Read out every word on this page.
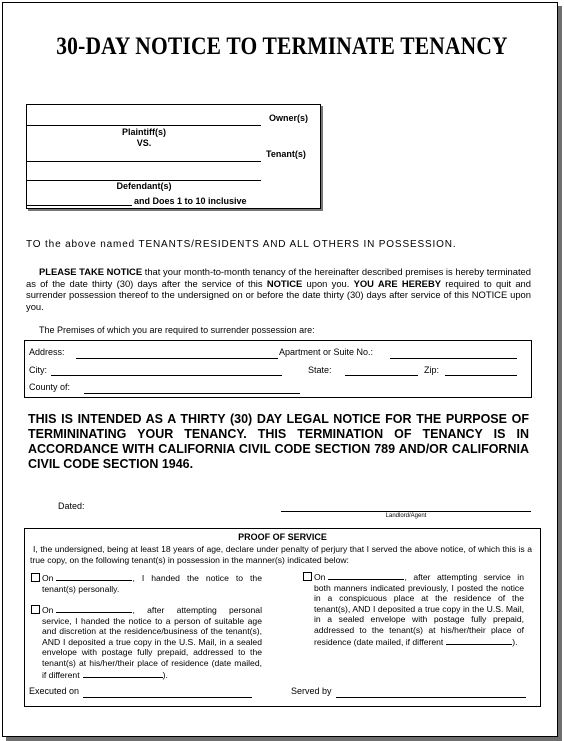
30-DAY NOTICE TO TERMINATE TENANCY
Owner(s)
Plaintiff(s)
VS.
Tenant(s)
Defendant(s)
and Does 1 to 10 inclusive
TO the above named TENANTS/RESIDENTS AND ALL OTHERS IN POSSESSION.
PLEASE TAKE NOTICE that your month-to-month tenancy of the hereinafter described premises is hereby terminated as of the date thirty (30) days after the service of this NOTICE upon you. YOU ARE HEREBY required to quit and surrender possession thereof to the undersigned on or before the date thirty (30) days after service of this NOTICE upon you.
The Premises of which you are required to surrender possession are:
Address:	Apartment or Suite No.:
City:	State:	Zip:
County of:
THIS IS INTENDED AS A THIRTY (30) DAY LEGAL NOTICE FOR THE PURPOSE OF TERMININATING YOUR TENANCY. THIS TERMINATION OF TENANCY IS IN ACCORDANCE WITH CALIFORNIA CIVIL CODE SECTION 789 AND/OR CALIFORNIA CIVIL CODE SECTION 1946.
Dated:
Landlord/Agent
PROOF OF SERVICE
I, the undersigned, being at least 18 years of age, declare under penalty of perjury that I served the above notice, of which this is a true copy, on the following tenant(s) in possession in the manner(s) indicated below:
On	, I handed the notice to the tenant(s) personally.
On	, after attempting personal service, I handed the notice to a person of suitable age and discretion at the residence/business of the tenant(s), AND I deposited a true copy in the U.S. Mail, in a sealed envelope with postage fully prepaid, addressed to the tenant(s) at his/her/their place of residence (date mailed, if different	).
On	, after attempting service in both manners indicated previously, I posted the notice in a conspicuous place at the residence of the tenant(s), AND I deposited a true copy in the U.S. Mail, in a sealed envelope with postage fully prepaid, addressed to the tenant(s) at his/her/their place of residence (date mailed, if different	).
Executed on	Served by
